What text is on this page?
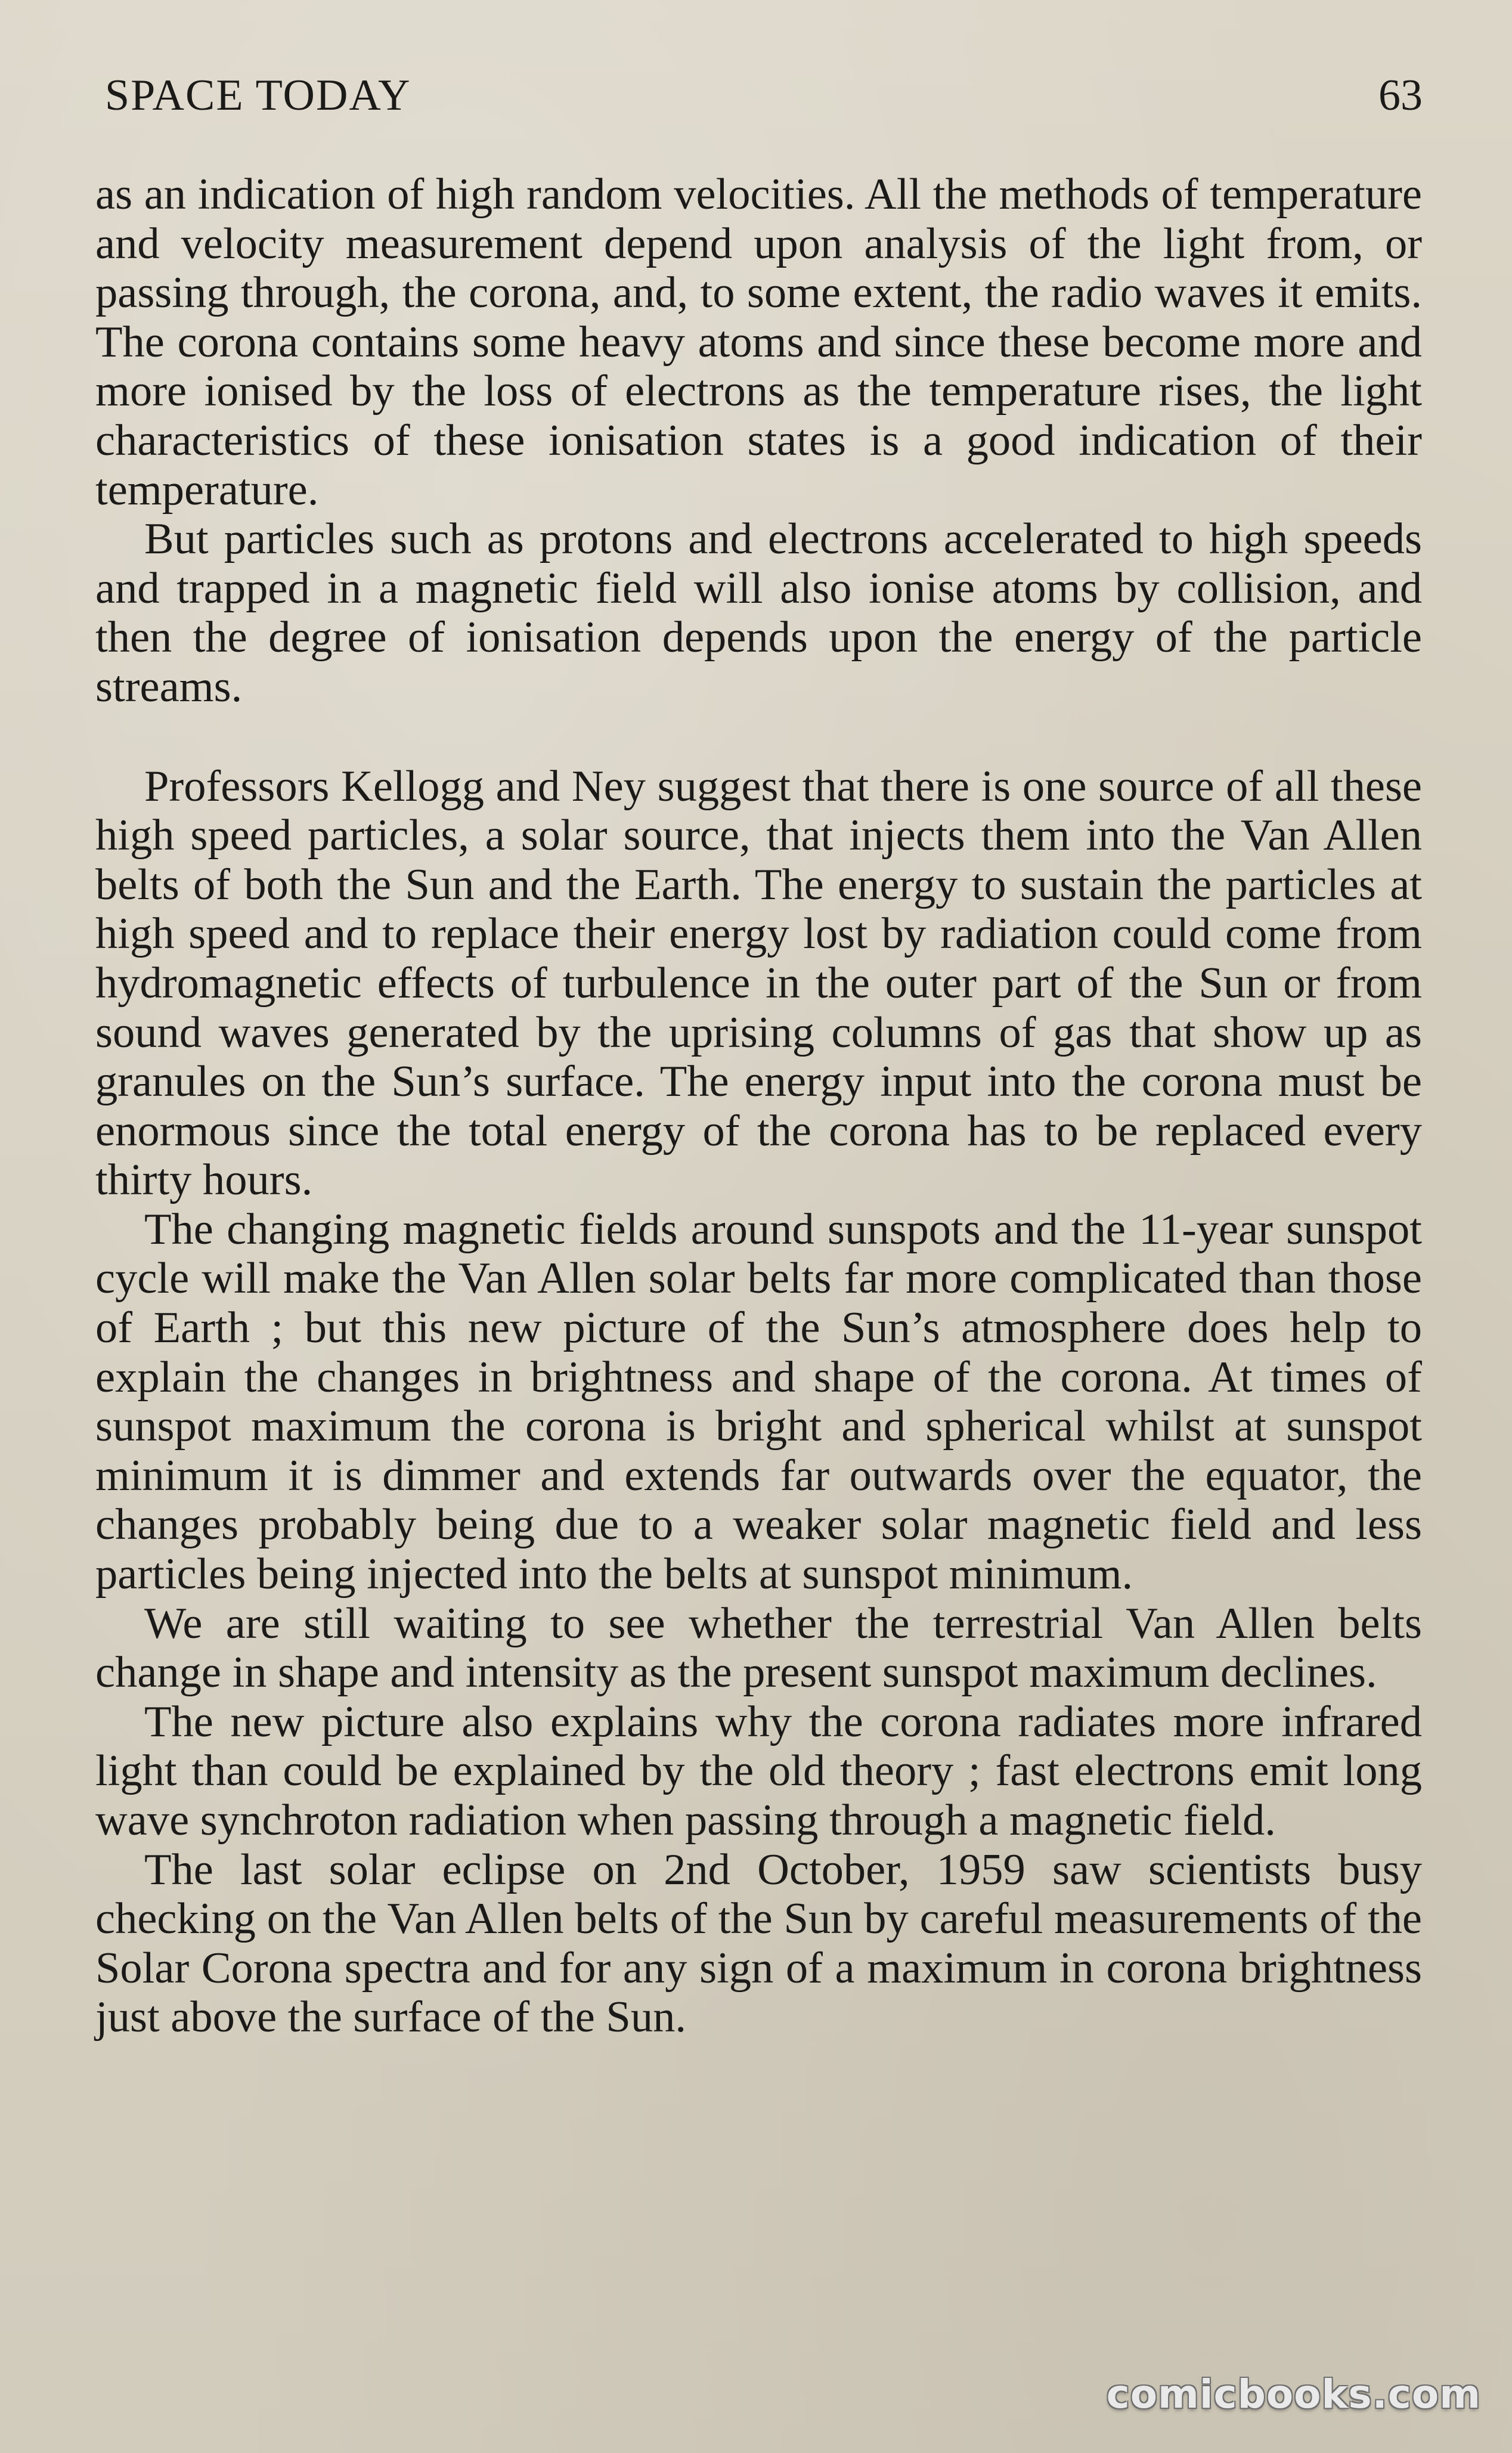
SPACE TODAY	63

as an indication of high random velocities. All the methods of temperature and velocity measurement depend upon analysis of the light from, or passing through, the corona, and, to some extent, the radio waves it emits. The corona contains some heavy atoms and since these become more and more ionised by the loss of electrons as the temperature rises, the light characteristics of these ionisation states is a good indication of their temperature.

But particles such as protons and electrons accelerated to high speeds and trapped in a magnetic field will also ionise atoms by collision, and then the degree of ionisation depends upon the energy of the particle streams.

Professors Kellogg and Ney suggest that there is one source of all these high speed particles, a solar source, that injects them into the Van Allen belts of both the Sun and the Earth. The energy to sustain the particles at high speed and to replace their energy lost by radiation could come from hydromagnetic effects of turbulence in the outer part of the Sun or from sound waves generated by the uprising columns of gas that show up as granules on the Sun’s surface. The energy input into the corona must be enormous since the total energy of the corona has to be replaced every thirty hours.

The changing magnetic fields around sunspots and the 11-year sunspot cycle will make the Van Allen solar belts far more complicated than those of Earth ; but this new picture of the Sun’s atmosphere does help to explain the changes in brightness and shape of the corona. At times of sunspot maximum the corona is bright and spherical whilst at sunspot minimum it is dimmer and extends far outwards over the equator, the changes probably being due to a weaker solar magnetic field and less particles being injected into the belts at sunspot minimum.

We are still waiting to see whether the terrestrial Van Allen belts change in shape and intensity as the present sunspot maximum declines.

The new picture also explains why the corona radiates more infrared light than could be explained by the old theory ; fast electrons emit long wave synchroton radiation when passing through a magnetic field.

The last solar eclipse on 2nd October, 1959 saw scientists busy checking on the Van Allen belts of the Sun by careful measurements of the Solar Corona spectra and for any sign of a maximum in corona brightness just above the surface of the Sun.

comicbooks.com
